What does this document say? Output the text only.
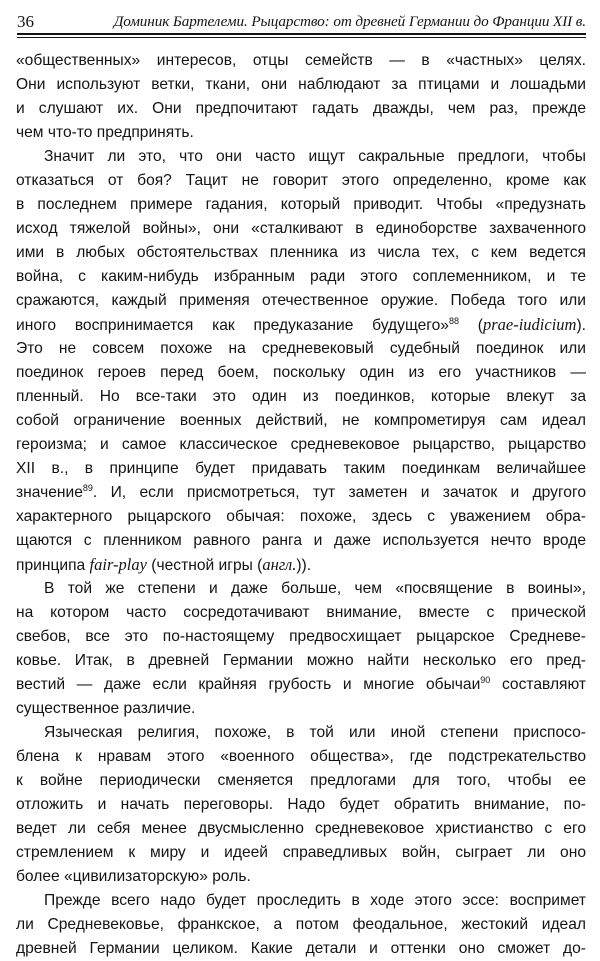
36	Доминик Бартелеми. Рыцарство: от древней Германии до Франции XII в.
«общественных» интересов, отцы семейств — в «частных» целях.
Они используют ветки, ткани, они наблюдают за птицами и лошадьми
и слушают их. Они предпочитают гадать дважды, чем раз, прежде
чем что-то предпринять.
Значит ли это, что они часто ищут сакральные предлоги, чтобы
отказаться от боя? Тацит не говорит этого определенно, кроме как
в последнем примере гадания, который приводит. Чтобы «предузнать
исход тяжелой войны», они «сталкивают в единоборстве захваченного
ими в любых обстоятельствах пленника из числа тех, с кем ведется
война, с каким-нибудь избранным ради этого соплеменником, и те
сражаются, каждый применяя отечественное оружие. Победа того или
иного воспринимается как предуказание будущего»$^{88}$ (prae-iudicium).
Это не совсем похоже на средневековый судебный поединок или
поединок героев перед боем, поскольку один из его участников —
пленный. Но все-таки это один из поединков, которые влекут за
собой ограничение военных действий, не компрометируя сам идеал
героизма; и самое классическое средневековое рыцарство, рыцарство
XII в., в принципе будет придавать таким поединкам величайшее
значение$^{89}$. И, если присмотреться, тут заметен и зачаток и другого
характерного рыцарского обычая: похоже, здесь с уважением обра-
щаются с пленником равного ранга и даже используется нечто вроде
принципа fair-play (честной игры (англ.)).
В той же степени и даже больше, чем «посвящение в воины»,
на котором часто сосредотачивают внимание, вместе с прической
свебов, все это по-настоящему предвосхищает рыцарское Средневе-
ковье. Итак, в древней Германии можно найти несколько его пред-
вестий — даже если крайняя грубость и многие обычаи$^{90}$ составляют
существенное различие.
Языческая религия, похоже, в той или иной степени приспосо-
блена к нравам этого «военного общества», где подстрекательство
к войне периодически сменяется предлогами для того, чтобы ее
отложить и начать переговоры. Надо будет обратить внимание, по-
ведет ли себя менее двусмысленно средневековое христианство с его
стремлением к миру и идеей справедливых войн, сыграет ли оно
более «цивилизаторскую» роль.
Прежде всего надо будет проследить в ходе этого эссе: воспримет
ли Средневековье, франкское, а потом феодальное, жестокий идеал
древней Германии целиком. Какие детали и оттенки оно сможет до-
